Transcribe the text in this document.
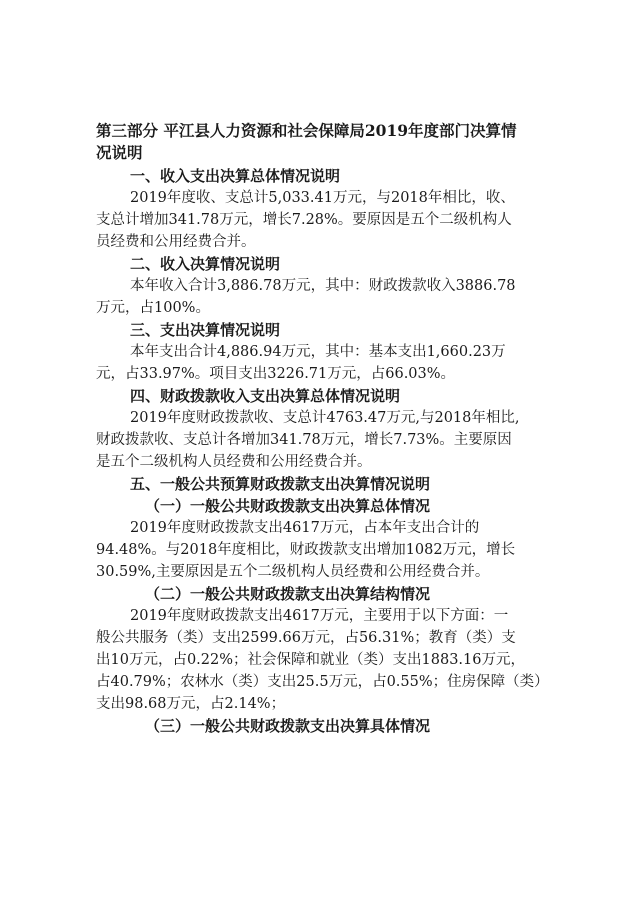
第三部分 平江县人力资源和社会保障局2019年度部门决算情
况说明
一、收入支出决算总体情况说明
2019年度收、支总计5,033.41万元，与2018年相比，收、
支总计增加341.78万元，增长7.28%。要原因是五个二级机构人
员经费和公用经费合并。
二、收入决算情况说明
本年收入合计3,886.78万元，其中：财政拨款收入3886.78
万元，占100%。
三、支出决算情况说明
本年支出合计4,886.94万元，其中：基本支出1,660.23万
元，占33.97%。项目支出3226.71万元，占66.03%。
四、财政拨款收入支出决算总体情况说明
2019年度财政拨款收、支总计4763.47万元,与2018年相比,
财政拨款收、支总计各增加341.78万元，增长7.73%。主要原因
是五个二级机构人员经费和公用经费合并。
五、一般公共预算财政拨款支出决算情况说明
（一）一般公共财政拨款支出决算总体情况
2019年度财政拨款支出4617万元，占本年支出合计的
94.48%。与2018年度相比，财政拨款支出增加1082万元，增长
30.59%,主要原因是五个二级机构人员经费和公用经费合并。
（二）一般公共财政拨款支出决算结构情况
2019年度财政拨款支出4617万元，主要用于以下方面：一
般公共服务（类）支出2599.66万元，占56.31%；教育（类）支
出10万元，占0.22%；社会保障和就业（类）支出1883.16万元，
占40.79%；农林水（类）支出25.5万元，占0.55%；住房保障（类）
支出98.68万元，占2.14%；
（三）一般公共财政拨款支出决算具体情况
